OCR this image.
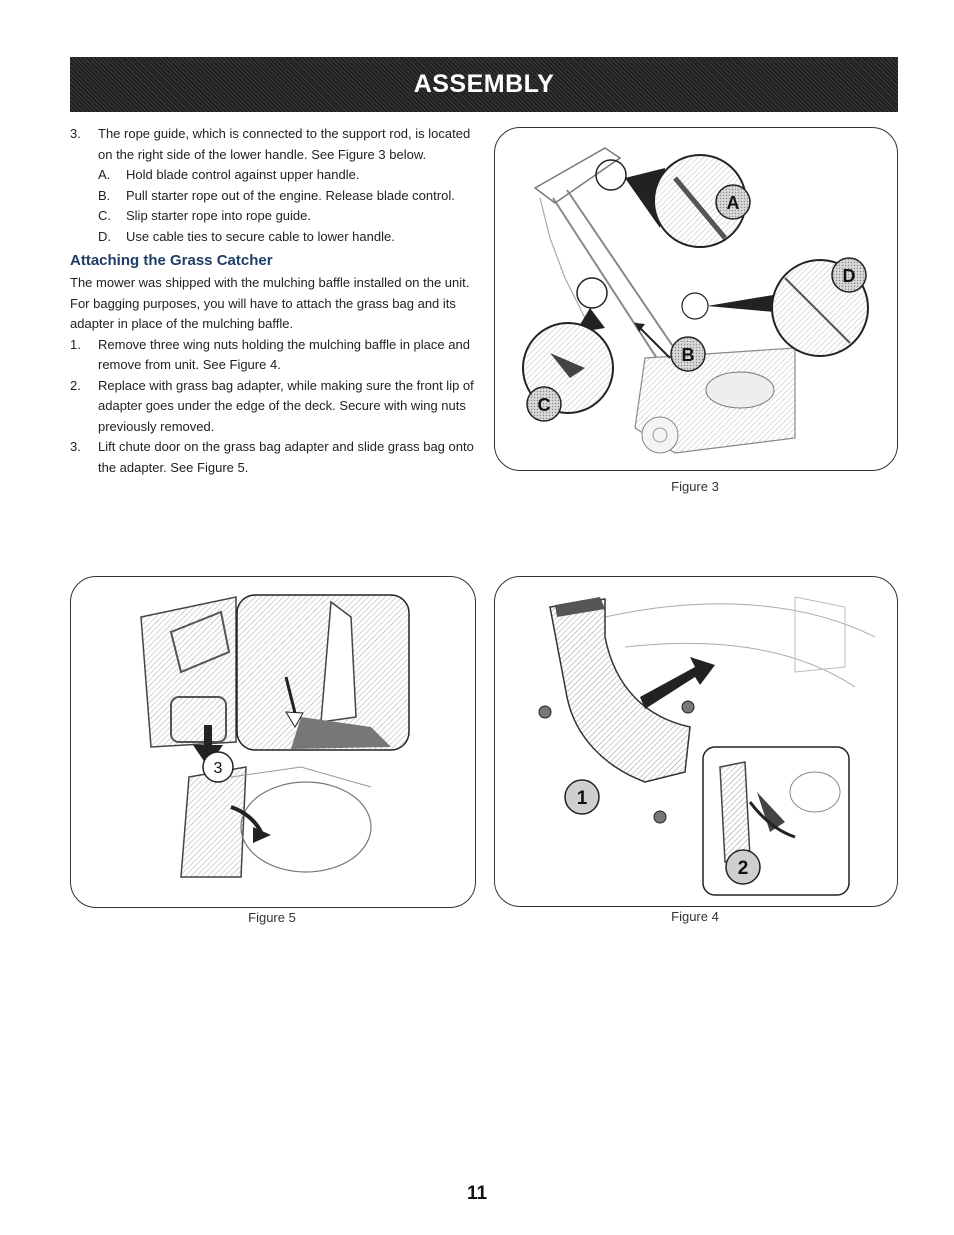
ASSEMBLY
3.	The rope guide, which is connected to the support rod, is located on the right side of the lower handle. See Figure 3 below.
A.	Hold blade control against upper handle.
B.	Pull starter rope out of the engine. Release blade control.
C.	Slip starter rope into rope guide.
D.	Use cable ties to secure cable to lower handle.
Attaching the Grass Catcher

The mower was shipped with the mulching baffle installed on the unit. For bagging purposes, you will have to attach the grass bag and its adapter in place of the mulching baffle.

1.	Remove three wing nuts holding the mulching baffle in place and remove from unit. See Figure 4.
2.	Replace with grass bag adapter, while making sure the front lip of adapter goes under the edge of the deck. Secure with wing nuts previously removed.
3.	Lift chute door on the grass bag adapter and slide grass bag onto the adapter. See Figure 5.
A
B
C
D
Figure 3
3
Figure 5
1
2
Figure 4
11
